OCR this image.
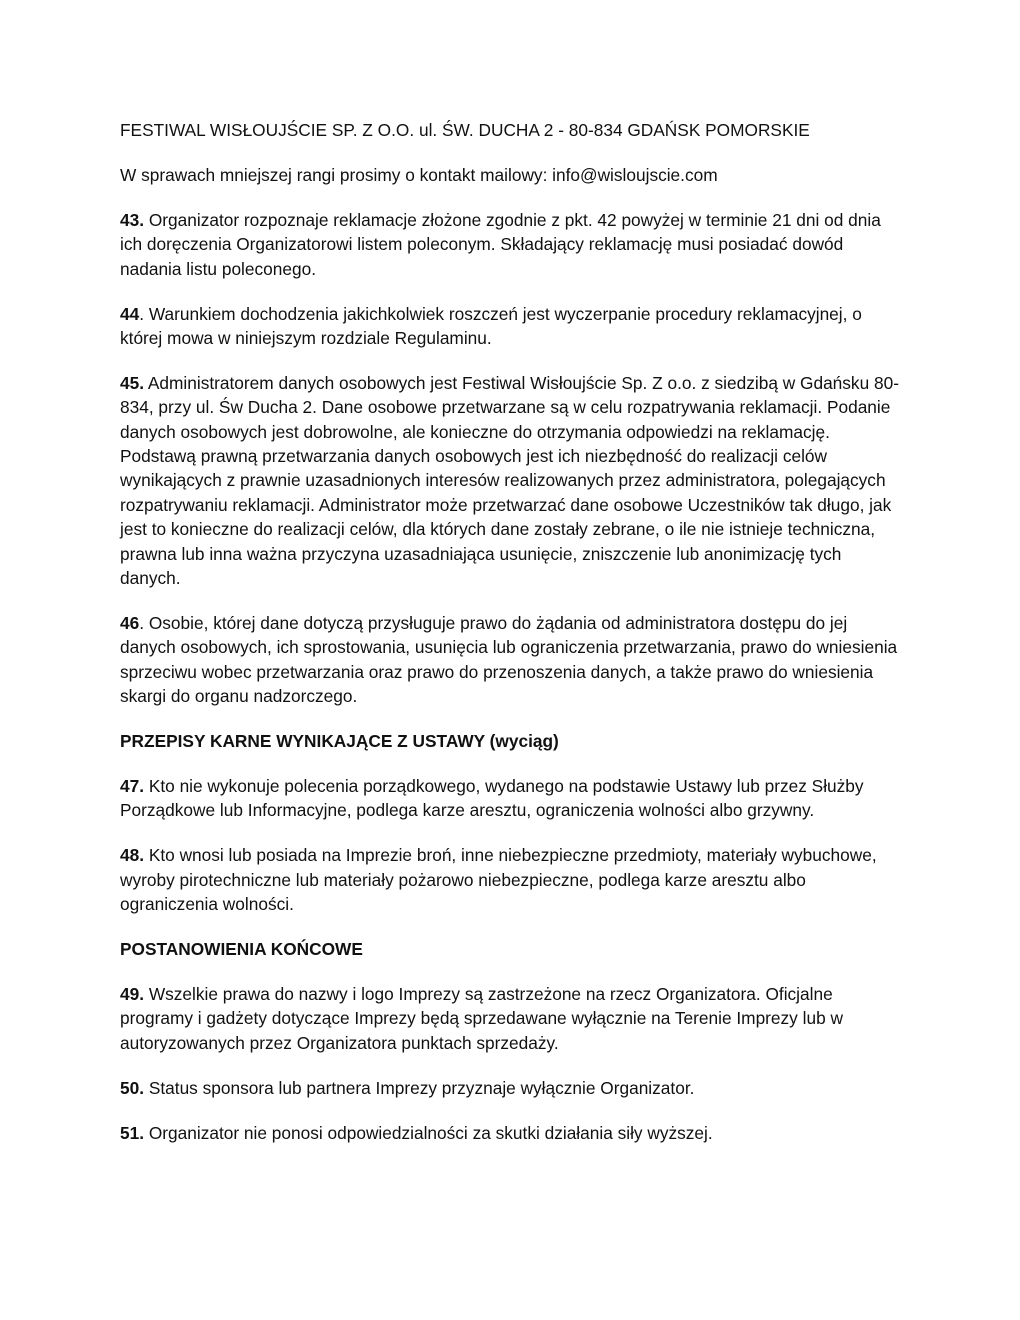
FESTIWAL WISŁOUJŚCIE SP. Z O.O. ul. ŚW. DUCHA 2 - 80-834 GDAŃSK POMORSKIE

W sprawach mniejszej rangi prosimy o kontakt mailowy: info@wisloujscie.com

43. Organizator rozpoznaje reklamacje złożone zgodnie z pkt. 42 powyżej w terminie 21 dni od dnia ich doręczenia Organizatorowi listem poleconym. Składający reklamację musi posiadać dowód nadania listu poleconego.

44. Warunkiem dochodzenia jakichkolwiek roszczeń jest wyczerpanie procedury reklamacyjnej, o której mowa w niniejszym rozdziale Regulaminu.

45. Administratorem danych osobowych jest Festiwal Wisłoujście Sp. Z o.o. z siedzibą w Gdańsku 80-834, przy ul. Św Ducha 2. Dane osobowe przetwarzane są w celu rozpatrywania reklamacji. Podanie danych osobowych jest dobrowolne, ale konieczne do otrzymania odpowiedzi na reklamację. Podstawą prawną przetwarzania danych osobowych jest ich niezbędność do realizacji celów wynikających z prawnie uzasadnionych interesów realizowanych przez administratora, polegających rozpatrywaniu reklamacji. Administrator może przetwarzać dane osobowe Uczestników tak długo, jak jest to konieczne do realizacji celów, dla których dane zostały zebrane, o ile nie istnieje techniczna, prawna lub inna ważna przyczyna uzasadniająca usunięcie, zniszczenie lub anonimizację tych danych.

46. Osobie, której dane dotyczą przysługuje prawo do żądania od administratora dostępu do jej danych osobowych, ich sprostowania, usunięcia lub ograniczenia przetwarzania, prawo do wniesienia sprzeciwu wobec przetwarzania oraz prawo do przenoszenia danych, a także prawo do wniesienia skargi do organu nadzorczego.

PRZEPISY KARNE WYNIKAJĄCE Z USTAWY (wyciąg)

47. Kto nie wykonuje polecenia porządkowego, wydanego na podstawie Ustawy lub przez Służby Porządkowe lub Informacyjne, podlega karze aresztu, ograniczenia wolności albo grzywny.

48. Kto wnosi lub posiada na Imprezie broń, inne niebezpieczne przedmioty, materiały wybuchowe, wyroby pirotechniczne lub materiały pożarowo niebezpieczne, podlega karze aresztu albo ograniczenia wolności.

POSTANOWIENIA KOŃCOWE

49. Wszelkie prawa do nazwy i logo Imprezy są zastrzeżone na rzecz Organizatora. Oficjalne programy i gadżety dotyczące Imprezy będą sprzedawane wyłącznie na Terenie Imprezy lub w autoryzowanych przez Organizatora punktach sprzedaży.

50. Status sponsora lub partnera Imprezy przyznaje wyłącznie Organizator.

51. Organizator nie ponosi odpowiedzialności za skutki działania siły wyższej.
